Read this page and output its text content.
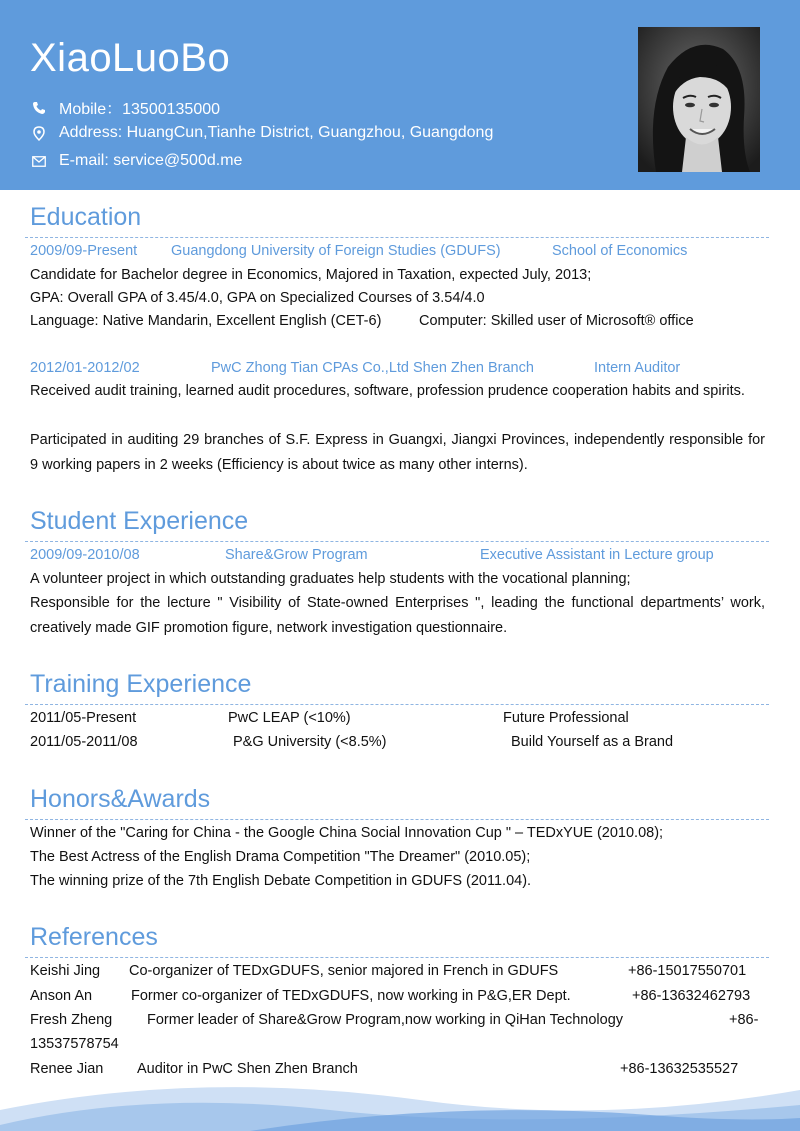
XiaoLuoBo
Mobile：13500135000
Address: HuangCun,Tianhe District, Guangzhou, Guangdong
E-mail: service@500d.me
Education
2009/09-Present Guangdong University of Foreign Studies (GDUFS)	School of Economics
Candidate for Bachelor degree in Economics, Majored in Taxation, expected July, 2013;
GPA: Overall GPA of 3.45/4.0, GPA on Specialized Courses of 3.54/4.0
Language: Native Mandarin, Excellent English (CET-6)	Computer: Skilled user of Microsoft® office
2012/01-2012/02	PwC Zhong Tian CPAs Co.,Ltd Shen Zhen Branch	Intern Auditor
Received audit training, learned audit procedures, software, profession prudence cooperation habits and spirits.
Participated in auditing 29 branches of S.F. Express in Guangxi, Jiangxi Provinces, independently responsible for 9 working papers in 2 weeks (Efficiency is about twice as many other interns).
Student Experience
2009/09-2010/08	Share&Grow Program	Executive Assistant in Lecture group
A volunteer project in which outstanding graduates help students with the vocational planning;
Responsible for the lecture " Visibility of State-owned Enterprises ", leading the functional departments’ work, creatively made GIF promotion figure, network investigation questionnaire.
Training Experience
2011/05-Present	PwC LEAP (<10%)	Future Professional
2011/05-2011/08	P&G University (<8.5%)	Build Yourself as a Brand
Honors&Awards
Winner of the "Caring for China - the Google China Social Innovation Cup " – TEDxYUE (2010.08);
The Best Actress of the English Drama Competition "The Dreamer" (2010.05);
The winning prize of the 7th English Debate Competition in GDUFS (2011.04).
References
Keishi Jing Co-organizer of TEDxGDUFS, senior majored in French in GDUFS	+86-15017550701
Anson An	Former co-organizer of TEDxGDUFS, now working in P&G,ER Dept.	+86-13632462793
Fresh Zheng Former leader of Share&Grow Program,now working in QiHan Technology	+86-
13537578754
Renee Jian Auditor in PwC Shen Zhen Branch	+86-13632535527
